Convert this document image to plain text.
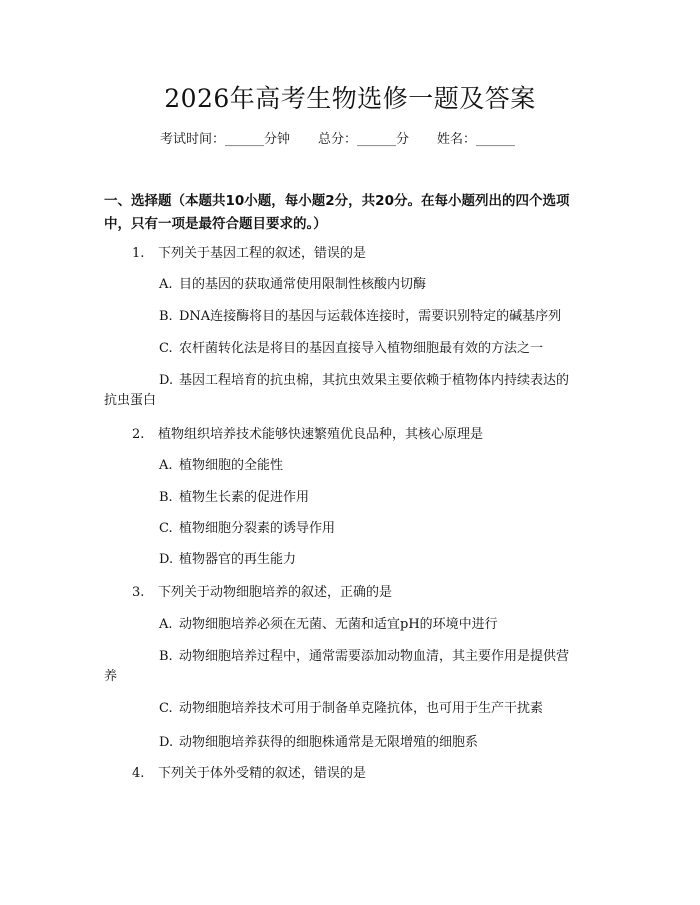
2026年高考生物选修一题及答案
考试时间：______分钟 总分：______分 姓名：______
一、选择题（本题共10小题，每小题2分，共20分。在每小题列出的四个选项中，只有一项是最符合题目要求的。）
1. 下列关于基因工程的叙述，错误的是
A. 目的基因的获取通常使用限制性核酸内切酶
B. DNA连接酶将目的基因与运载体连接时，需要识别特定的碱基序列
C. 农杆菌转化法是将目的基因直接导入植物细胞最有效的方法之一
D. 基因工程培育的抗虫棉，其抗虫效果主要依赖于植物体内持续表达的
抗虫蛋白
2. 植物组织培养技术能够快速繁殖优良品种，其核心原理是
A. 植物细胞的全能性
B. 植物生长素的促进作用
C. 植物细胞分裂素的诱导作用
D. 植物器官的再生能力
3. 下列关于动物细胞培养的叙述，正确的是
A. 动物细胞培养必须在无菌、无菌和适宜pH的环境中进行
B. 动物细胞培养过程中，通常需要添加动物血清，其主要作用是提供营
养
C. 动物细胞培养技术可用于制备单克隆抗体，也可用于生产干扰素
D. 动物细胞培养获得的细胞株通常是无限增殖的细胞系
4. 下列关于体外受精的叙述，错误的是
